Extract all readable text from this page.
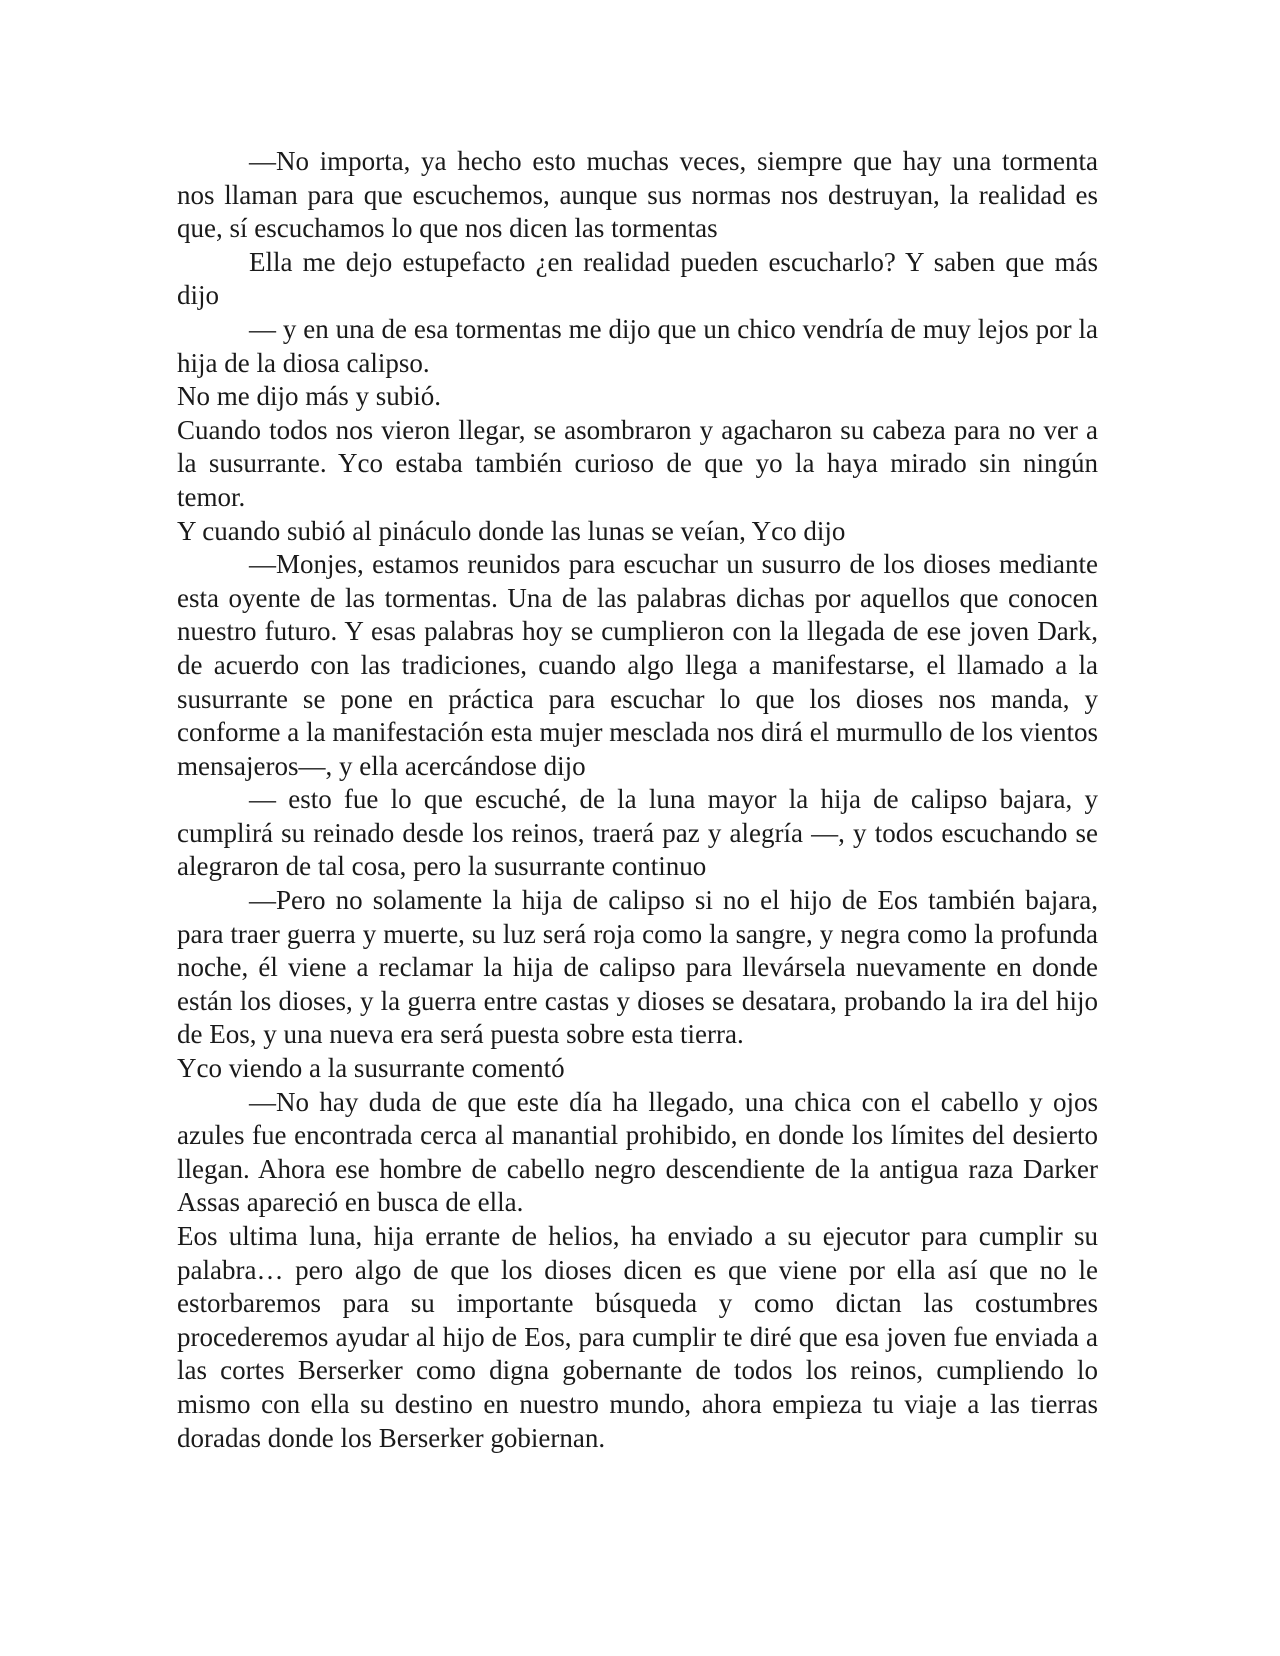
—No importa, ya hecho esto muchas veces, siempre que hay una tormenta nos llaman para que escuchemos, aunque sus normas nos destruyan, la realidad es que, sí escuchamos lo que nos dicen las tormentas

Ella me dejo estupefacto ¿en realidad pueden escucharlo? Y saben que más dijo

— y en una de esa tormentas me dijo que un chico vendría de muy lejos por la hija de la diosa calipso.

No me dijo más y subió.

Cuando todos nos vieron llegar, se asombraron y agacharon su cabeza para no ver a la susurrante. Yco estaba también curioso de que yo la haya mirado sin ningún temor.

Y cuando subió al pináculo donde las lunas se veían, Yco dijo

—Monjes, estamos reunidos para escuchar un susurro de los dioses mediante esta oyente de las tormentas. Una de las palabras dichas por aquellos que conocen nuestro futuro. Y esas palabras hoy se cumplieron con la llegada de ese joven Dark, de acuerdo con las tradiciones, cuando algo llega a manifestarse, el llamado a la susurrante se pone en práctica para escuchar lo que los dioses nos manda, y conforme a la manifestación esta mujer mesclada nos dirá el murmullo de los vientos mensajeros—, y ella acercándose dijo

— esto fue lo que escuché, de la luna mayor la hija de calipso bajara, y cumplirá su reinado desde los reinos, traerá paz y alegría —, y todos escuchando se alegraron de tal cosa, pero la susurrante continuo

—Pero no solamente la hija de calipso si no el hijo de Eos también bajara, para traer guerra y muerte, su luz será roja como la sangre, y negra como la profunda noche, él viene a reclamar la hija de calipso para llevársela nuevamente en donde están los dioses, y la guerra entre castas y dioses se desatara, probando la ira del hijo de Eos, y una nueva era será puesta sobre esta tierra.

Yco viendo a la susurrante comentó

—No hay duda de que este día ha llegado, una chica con el cabello y ojos azules fue encontrada cerca al manantial prohibido, en donde los límites del desierto llegan. Ahora ese hombre de cabello negro descendiente de la antigua raza Darker Assas apareció en busca de ella.

Eos ultima luna, hija errante de helios, ha enviado a su ejecutor para cumplir su palabra… pero algo de que los dioses dicen es que viene por ella así que no le estorbaremos para su importante búsqueda y como dictan las costumbres procederemos ayudar al hijo de Eos, para cumplir te diré que esa joven fue enviada a las cortes Berserker como digna gobernante de todos los reinos, cumpliendo lo mismo con ella su destino en nuestro mundo, ahora empieza tu viaje a las tierras doradas donde los Berserker gobiernan.
